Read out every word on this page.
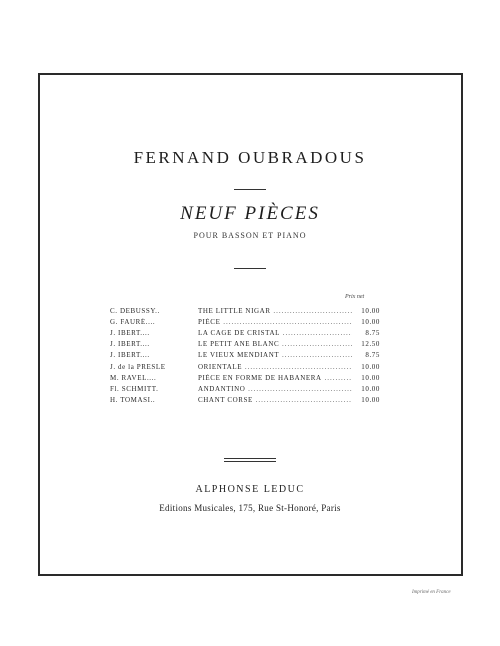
FERNAND OUBRADOUS
NEUF PIÈCES
POUR BASSON ET PIANO
Prix net
C. DEBUSSY..	THE LITTLE NIGAR .....	10.00
G. FAURÉ....	PIÈCE .....	10.00
J. IBERT....	LA CAGE DE CRISTAL .....	8.75
J. IBERT....	LE PETIT ANE BLANC .....	12.50
J. IBERT....	LE VIEUX MENDIANT .....	8.75
J. de la PRESLE	ORIENTALE .....	10.00
M. RAVEL....	PIÈCE EN FORME DE HABANERA .....	10.00
Fl. SCHMITT.	ANDANTINO .....	10.00
H. TOMASI..	CHANT CORSE .....	10.00
ALPHONSE LEDUC
Editions Musicales, 175, Rue St-Honoré, Paris
Imprimé en France
